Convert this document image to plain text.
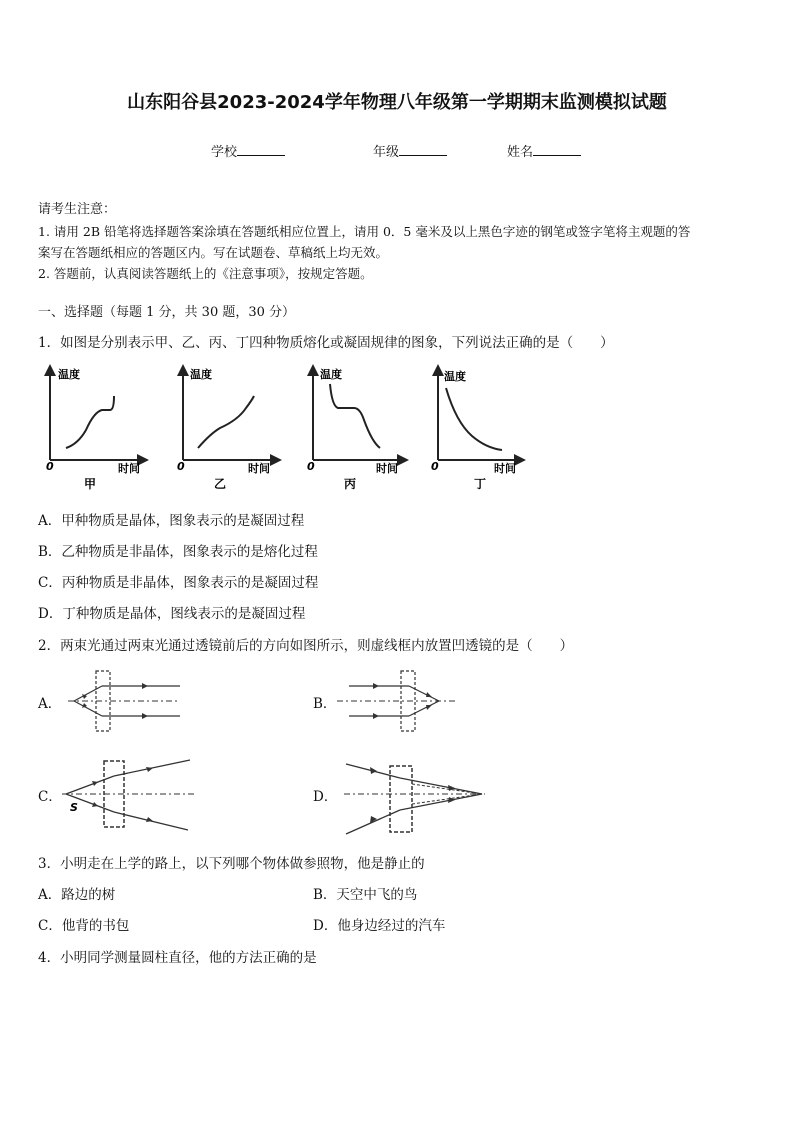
山东阳谷县2023-2024学年物理八年级第一学期期末监测模拟试题
学校	年级	姓名
请考生注意：
1. 请用 2B 铅笔将选择题答案涂填在答题纸相应位置上，请用 0．5 毫米及以上黑色字迹的钢笔或签字笔将主观题的答
案写在答题纸相应的答题区内。写在试题卷、草稿纸上均无效。
2. 答题前，认真阅读答题纸上的《注意事项》，按规定答题。
一、选择题（每题 1 分，共 30 题，30 分）
1．如图是分别表示甲、乙、丙、丁四种物质熔化或凝固规律的图象，下列说法正确的是（　　）
温度
时间
0
甲
温度
时间
0
乙
温度
时间
0
丙
温度
时间
0
丁
A．甲种物质是晶体，图象表示的是凝固过程
B．乙种物质是非晶体，图象表示的是熔化过程
C．丙种物质是非晶体，图象表示的是凝固过程
D．丁种物质是晶体，图线表示的是凝固过程
2．两束光通过两束光通过透镜前后的方向如图所示，则虚线框内放置凹透镜的是（　　）
A．	B．
C．
S
D．
3．小明走在上学的路上，以下列哪个物体做参照物，他是静止的
A．路边的树	B．天空中飞的鸟
C．他背的书包	D．他身边经过的汽车
4．小明同学测量圆柱直径，他的方法正确的是
